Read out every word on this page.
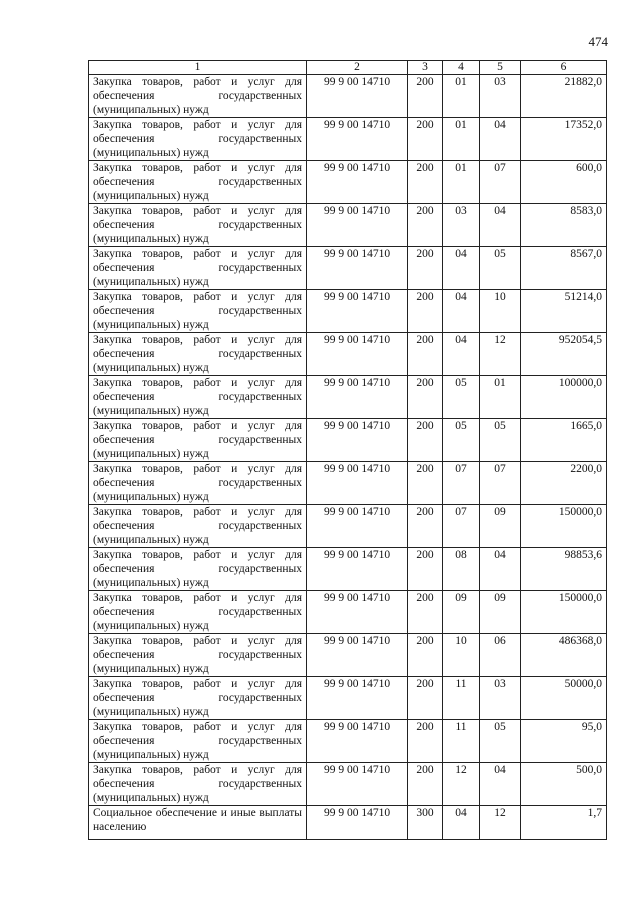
474
1	2	3	4	5	6
Закупка товаров, работ и услуг для обеспечения государственных (муниципальных) нужд	99 9 00 14710	200	01	03	21882,0
Закупка товаров, работ и услуг для обеспечения государственных (муниципальных) нужд	99 9 00 14710	200	01	04	17352,0
Закупка товаров, работ и услуг для обеспечения государственных (муниципальных) нужд	99 9 00 14710	200	01	07	600,0
Закупка товаров, работ и услуг для обеспечения государственных (муниципальных) нужд	99 9 00 14710	200	03	04	8583,0
Закупка товаров, работ и услуг для обеспечения государственных (муниципальных) нужд	99 9 00 14710	200	04	05	8567,0
Закупка товаров, работ и услуг для обеспечения государственных (муниципальных) нужд	99 9 00 14710	200	04	10	51214,0
Закупка товаров, работ и услуг для обеспечения государственных (муниципальных) нужд	99 9 00 14710	200	04	12	952054,5
Закупка товаров, работ и услуг для обеспечения государственных (муниципальных) нужд	99 9 00 14710	200	05	01	100000,0
Закупка товаров, работ и услуг для обеспечения государственных (муниципальных) нужд	99 9 00 14710	200	05	05	1665,0
Закупка товаров, работ и услуг для обеспечения государственных (муниципальных) нужд	99 9 00 14710	200	07	07	2200,0
Закупка товаров, работ и услуг для обеспечения государственных (муниципальных) нужд	99 9 00 14710	200	07	09	150000,0
Закупка товаров, работ и услуг для обеспечения государственных (муниципальных) нужд	99 9 00 14710	200	08	04	98853,6
Закупка товаров, работ и услуг для обеспечения государственных (муниципальных) нужд	99 9 00 14710	200	09	09	150000,0
Закупка товаров, работ и услуг для обеспечения государственных (муниципальных) нужд	99 9 00 14710	200	10	06	486368,0
Закупка товаров, работ и услуг для обеспечения государственных (муниципальных) нужд	99 9 00 14710	200	11	03	50000,0
Закупка товаров, работ и услуг для обеспечения государственных (муниципальных) нужд	99 9 00 14710	200	11	05	95,0
Закупка товаров, работ и услуг для обеспечения государственных (муниципальных) нужд	99 9 00 14710	200	12	04	500,0
Социальное обеспечение и иные выплаты населению	99 9 00 14710	300	04	12	1,7
